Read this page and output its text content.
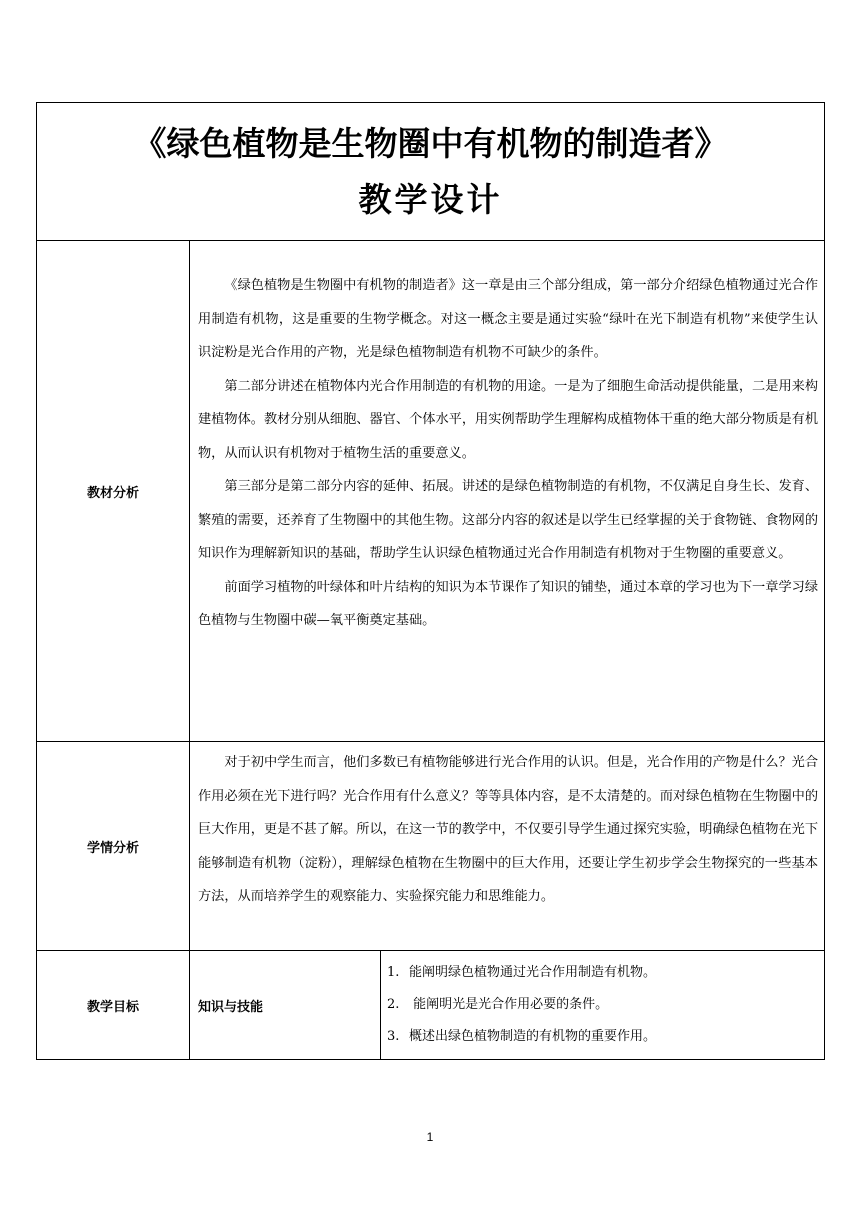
《绿色植物是生物圈中有机物的制造者》
教学设计		

教材分析	《绿色植物是生物圈中有机物的制造者》这一章是由三个部分组成，第一部分介绍绿色植物通过光合作用制造有机物，这是重要的生物学概念。对这一概念主要是通过实验“绿叶在光下制造有机物”来使学生认识淀粉是光合作用的产物，光是绿色植物制造有机物不可缺少的条件。

第二部分讲述在植物体内光合作用制造的有机物的用途。一是为了细胞生命活动提供能量，二是用来构建植物体。教材分别从细胞、器官、个体水平，用实例帮助学生理解构成植物体干重的绝大部分物质是有机物，从而认识有机物对于植物生活的重要意义。

第三部分是第二部分内容的延伸、拓展。讲述的是绿色植物制造的有机物，不仅满足自身生长、发育、繁殖的需要，还养育了生物圈中的其他生物。这部分内容的叙述是以学生已经掌握的关于食物链、食物网的知识作为理解新知识的基础，帮助学生认识绿色植物通过光合作用制造有机物对于生物圈的重要意义。

前面学习植物的叶绿体和叶片结构的知识为本节课作了知识的铺垫，通过本章的学习也为下一章学习绿色植物与生物圈中碳—氧平衡奠定基础。	

学情分析	对于初中学生而言，他们多数已有植物能够进行光合作用的认识。但是，光合作用的产物是什么？光合作用必须在光下进行吗？光合作用有什么意义？等等具体内容，是不太清楚的。而对绿色植物在生物圈中的巨大作用，更是不甚了解。所以，在这一节的教学中，不仅要引导学生通过探究实验，明确绿色植物在光下能够制造有机物（淀粉），理解绿色植物在生物圈中的巨大作用，还要让学生初步学会生物探究的一些基本方法，从而培养学生的观察能力、实验探究能力和思维能力。	

教学目标	知识与技能	1. 能阐明绿色植物通过光合作用制造有机物。
2. 能阐明光是光合作用必要的条件。
3. 概述出绿色植物制造的有机物的重要作用。
1
